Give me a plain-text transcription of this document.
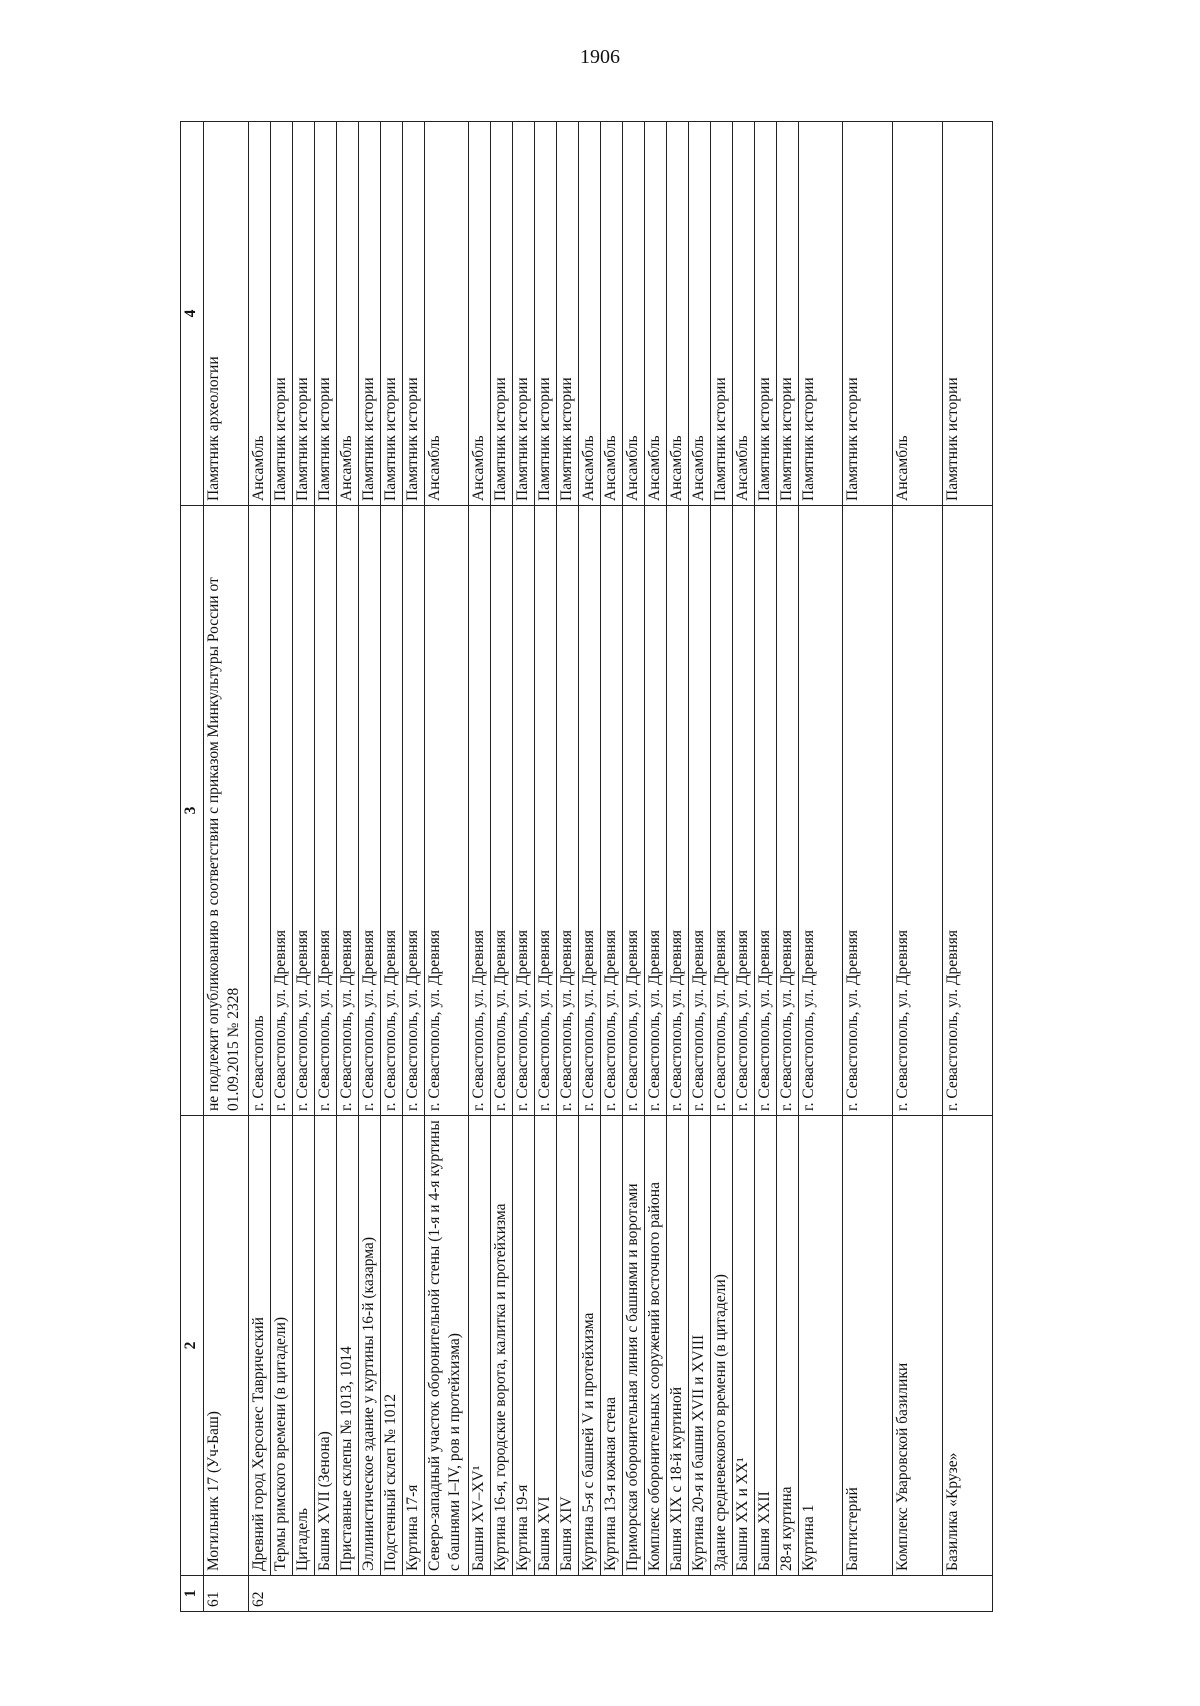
1906
1	2	3	4
61	Могильник 17 (Уч-Баш)	не подлежит опубликованию в соответствии с приказом Минкультуры России от 01.09.2015 № 2328	Памятник археологии
62	Древний город Херсонес Таврический	г. Севастополь	Ансамбль
	Термы римского времени (в цитадели)	г. Севастополь, ул. Древняя	Памятник истории
	Цитадель	г. Севастополь, ул. Древняя	Памятник истории
	Башня XVII (Зенона)	г. Севастополь, ул. Древняя	Памятник истории
	Приставные склепы № 1013, 1014	г. Севастополь, ул. Древняя	Ансамбль
	Эллинистическое здание у куртины 16-й (казарма)	г. Севастополь, ул. Древняя	Памятник истории
	Подстенный склеп № 1012	г. Севастополь, ул. Древняя	Памятник истории
	Куртина 17-я	г. Севастополь, ул. Древняя	Памятник истории
	Северо-западный участок оборонительной стены (1-я и 4-я куртины с башнями I–IV, ров и протейхизма)	г. Севастополь, ул. Древняя	Ансамбль
	Башни XV–XV¹	г. Севастополь, ул. Древняя	Ансамбль
	Куртина 16-я, городские ворота, калитка и протейхизма	г. Севастополь, ул. Древняя	Памятник истории
	Куртина 19-я	г. Севастополь, ул. Древняя	Памятник истории
	Башня XVI	г. Севастополь, ул. Древняя	Памятник истории
	Башня XIV	г. Севастополь, ул. Древняя	Памятник истории
	Куртина 5-я с башней V и протейхизма	г. Севастополь, ул. Древняя	Ансамбль
	Куртина 13-я южная стена	г. Севастополь, ул. Древняя	Ансамбль
	Приморская оборонительная линия с башнями и воротами	г. Севастополь, ул. Древняя	Ансамбль
	Комплекс оборонительных сооружений восточного района	г. Севастополь, ул. Древняя	Ансамбль
	Башня XIX с 18-й куртиной	г. Севастополь, ул. Древняя	Ансамбль
	Куртина 20-я и башни XVII и XVIII	г. Севастополь, ул. Древняя	Ансамбль
	Здание средневекового времени (в цитадели)	г. Севастополь, ул. Древняя	Памятник истории
	Башни XX и XX¹	г. Севастополь, ул. Древняя	Ансамбль
	Башня XXII	г. Севастополь, ул. Древняя	Памятник истории
	28-я куртина	г. Севастополь, ул. Древняя	Памятник истории
	Куртина 1	г. Севастополь, ул. Древняя	Памятник истории
	Баптистерий	г. Севастополь, ул. Древняя	Памятник истории
	Комплекс Уваровской базилики	г. Севастополь, ул. Древняя	Ансамбль
	Базилика «Крузе»	г. Севастополь, ул. Древняя	Памятник истории
